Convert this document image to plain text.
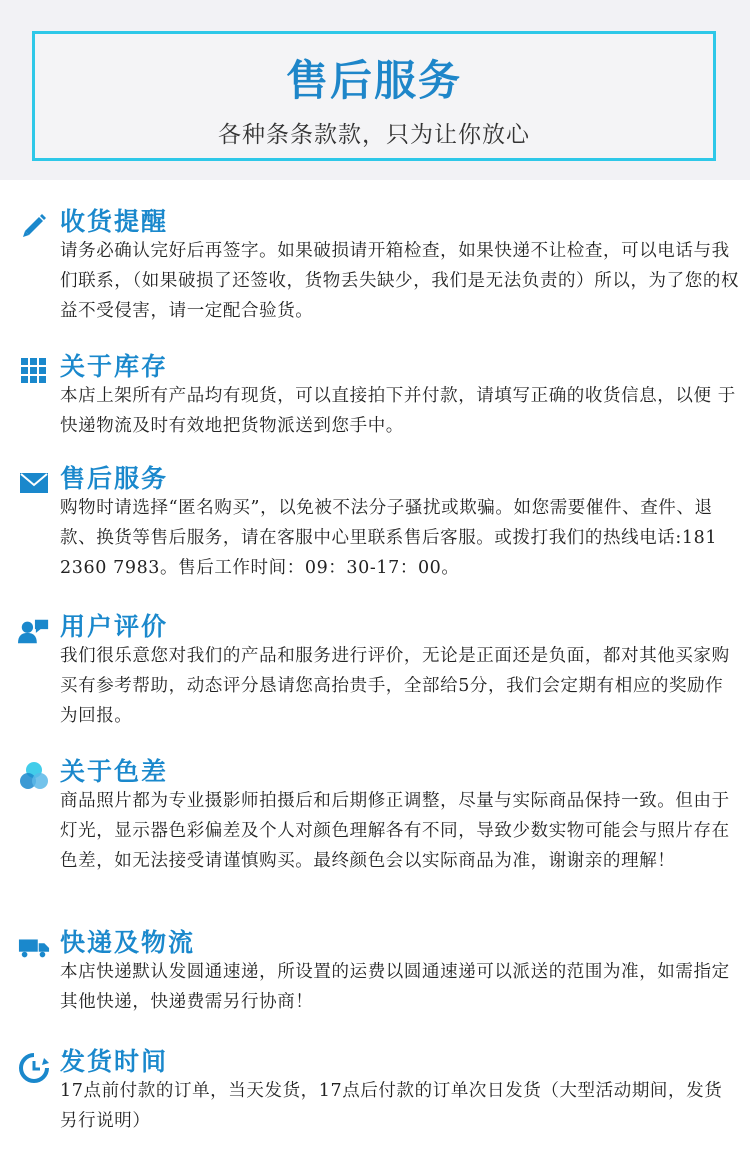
售后服务
各种条条款款，只为让你放心
收货提醒
请务必确认完好后再签字。如果破损请开箱检查，如果快递不让检查，可以电话与我们联系，（如果破损了还签收，货物丢失缺少，我们是无法负责的）所以，为了您的权益不受侵害，请一定配合验货。
关于库存
本店上架所有产品均有现货，可以直接拍下并付款，请填写正确的收货信息，以便 于快递物流及时有效地把货物派送到您手中。
售后服务
购物时请选择“匿名购买”，以免被不法分子骚扰或欺骗。如您需要催件、查件、退款、换货等售后服务，请在客服中心里联系售后客服。或拨打我们的热线电话:181 2360 7983。售后工作时间：09：30-17：00。
用户评价
我们很乐意您对我们的产品和服务进行评价，无论是正面还是负面，都对其他买家购买有参考帮助，动态评分恳请您高抬贵手，全部给5分，我们会定期有相应的奖励作为回报。
关于色差
商品照片都为专业摄影师拍摄后和后期修正调整，尽量与实际商品保持一致。但由于灯光，显示器色彩偏差及个人对颜色理解各有不同，导致少数实物可能会与照片存在色差，如无法接受请谨慎购买。最终颜色会以实际商品为准，谢谢亲的理解！
快递及物流
本店快递默认发圆通速递，所设置的运费以圆通速递可以派送的范围为准，如需指定其他快递，快递费需另行协商！
发货时间
17点前付款的订单，当天发货，17点后付款的订单次日发货（大型活动期间，发货另行说明）
